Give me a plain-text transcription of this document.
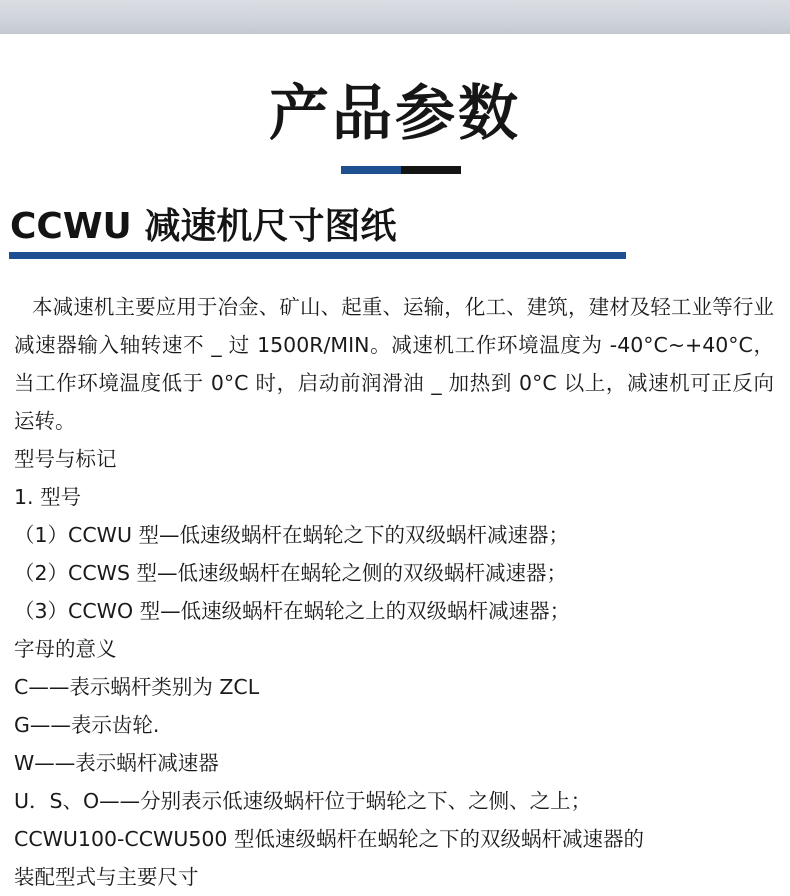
产品参数
CCWU 减速机尺寸图纸

本减速机主要应用于冶金、矿山、起重、运输，化工、建筑，建材及轻工业等行业减速器输入轴转速不 _ 过 1500R/MIN。减速机工作环境温度为 -40°C~+40°C，当工作环境温度低于 0°C 时，启动前润滑油 _ 加热到 0°C 以上，减速机可正反向运转。

型号与标记

1. 型号

（1）CCWU 型—低速级蜗杆在蜗轮之下的双级蜗杆减速器；

（2）CCWS 型—低速级蜗杆在蜗轮之侧的双级蜗杆减速器；

（3）CCWO 型—低速级蜗杆在蜗轮之上的双级蜗杆减速器；

字母的意义

C——表示蜗杆类别为 ZCL

G——表示齿轮.

W——表示蜗杆减速器

U．S、O——分别表示低速级蜗杆位于蜗轮之下、之侧、之上；

CCWU100-CCWU500 型低速级蜗杆在蜗轮之下的双级蜗杆减速器的

装配型式与主要尺寸
